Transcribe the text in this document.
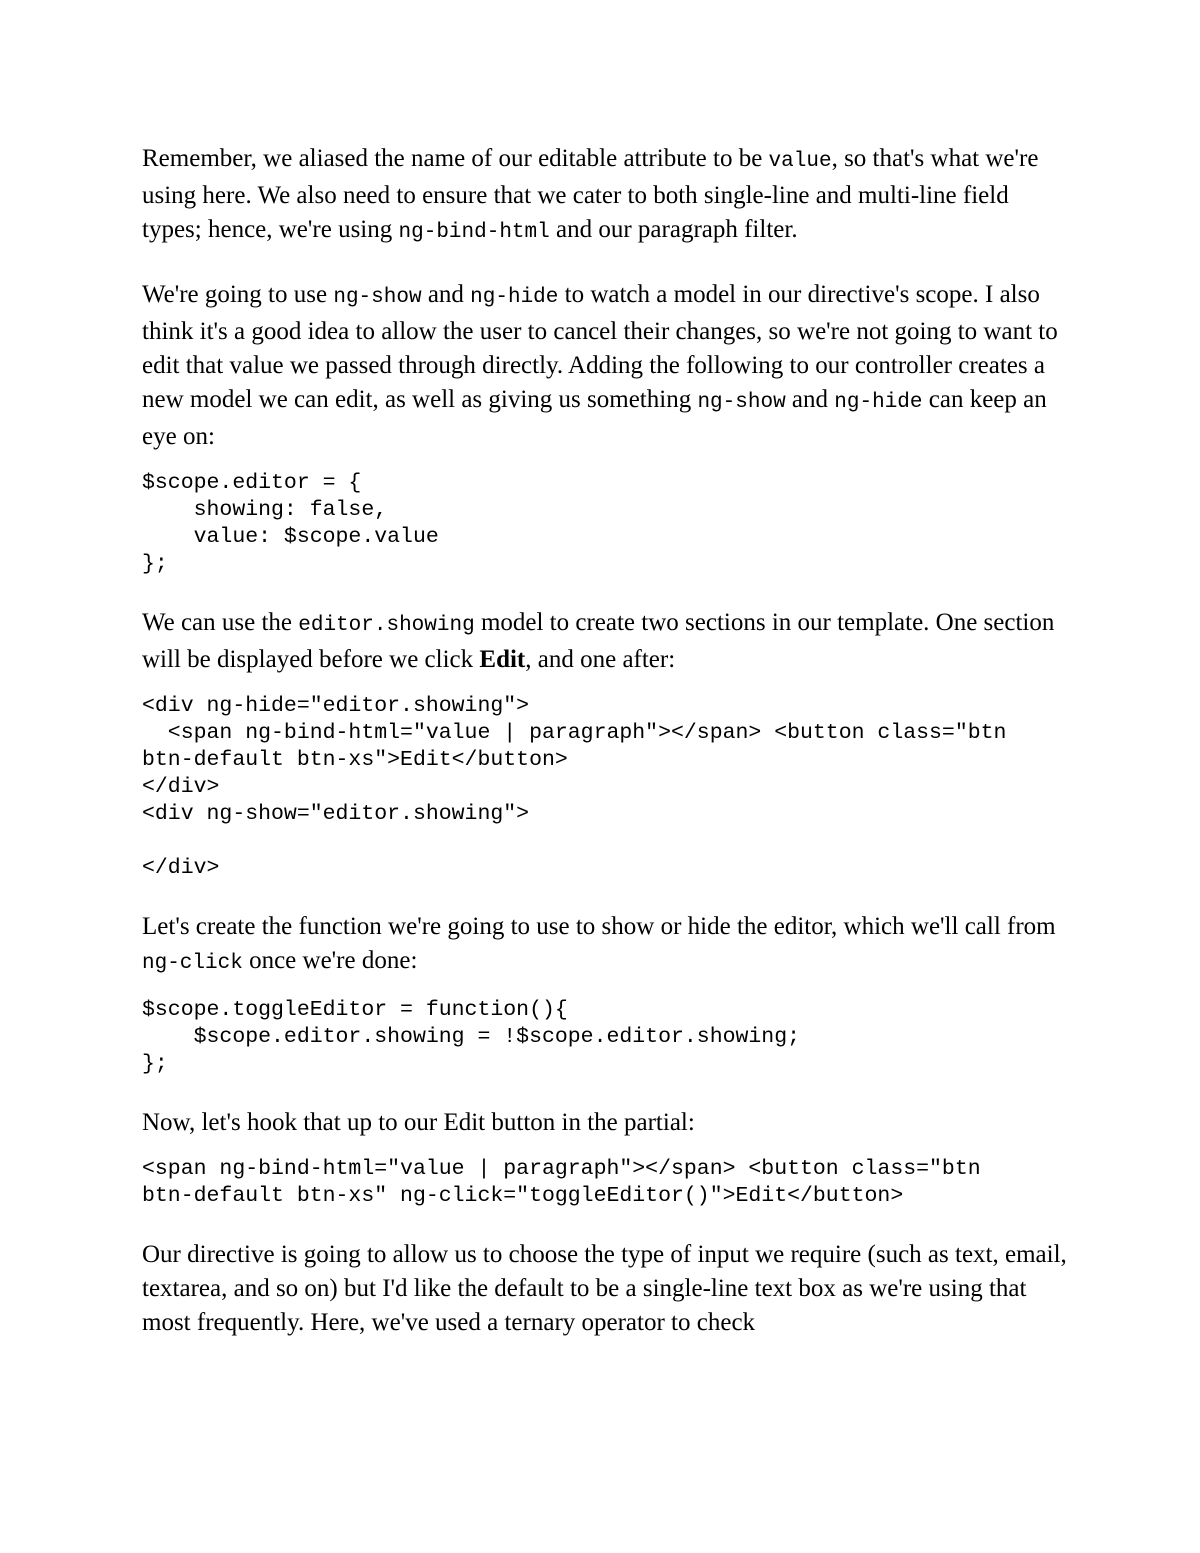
Remember, we aliased the name of our editable attribute to be value, so that's what we're using here. We also need to ensure that we cater to both single-line and multi-line field types; hence, we're using ng-bind-html and our paragraph filter.

We're going to use ng-show and ng-hide to watch a model in our directive's scope. I also think it's a good idea to allow the user to cancel their changes, so we're not going to want to edit that value we passed through directly. Adding the following to our controller creates a new model we can edit, as well as giving us something ng-show and ng-hide can keep an eye on:

$scope.editor = {
showing: false,
value: $scope.value
};

We can use the editor.showing model to create two sections in our template. One section will be displayed before we click Edit, and one after:

<div ng-hide="editor.showing">
<span ng-bind-html="value | paragraph"></span> <button class="btn
btn-default btn-xs">Edit</button>
</div>
<div ng-show="editor.showing">

</div>

Let's create the function we're going to use to show or hide the editor, which we'll call from ng-click once we're done:

$scope.toggleEditor = function(){
$scope.editor.showing = !$scope.editor.showing;
};

Now, let's hook that up to our Edit button in the partial:

<span ng-bind-html="value | paragraph"></span> <button class="btn
btn-default btn-xs" ng-click="toggleEditor()">Edit</button>

Our directive is going to allow us to choose the type of input we require (such as text, email, textarea, and so on) but I'd like the default to be a single-line text box as we're using that most frequently. Here, we've used a ternary operator to check
